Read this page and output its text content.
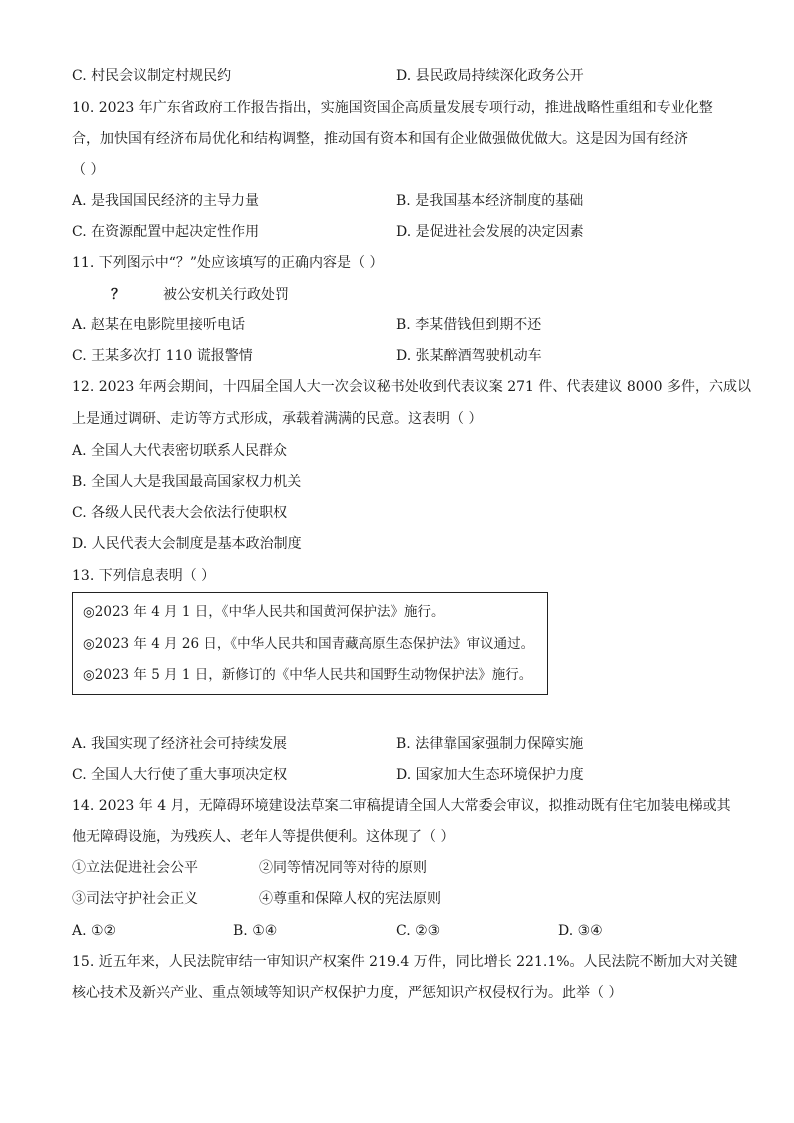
C. 村民会议制定村规民约	D. 县民政局持续深化政务公开
10. 2023 年广东省政府工作报告指出，实施国资国企高质量发展专项行动，推进战略性重组和专业化整
合，加快国有经济布局优化和结构调整，推动国有资本和国有企业做强做优做大。这是因为国有经济
（ ）
A. 是我国国民经济的主导力量	B. 是我国基本经济制度的基础
C. 在资源配置中起决定性作用	D. 是促进社会发展的决定因素
11. 下列图示中“？”处应该填写的正确内容是（ ）
？	被公安机关行政处罚
A. 赵某在电影院里接听电话	B. 李某借钱但到期不还
C. 王某多次打 110 谎报警情	D. 张某醉酒驾驶机动车
12. 2023 年两会期间，十四届全国人大一次会议秘书处收到代表议案 271 件、代表建议 8000 多件，六成以
上是通过调研、走访等方式形成，承载着满满的民意。这表明（ ）
A. 全国人大代表密切联系人民群众
B. 全国人大是我国最高国家权力机关
C. 各级人民代表大会依法行使职权
D. 人民代表大会制度是基本政治制度
13. 下列信息表明（ ）
◎2023 年 4 月 1 日，《中华人民共和国黄河保护法》施行。
◎2023 年 4 月 26 日，《中华人民共和国青藏高原生态保护法》审议通过。
◎2023 年 5 月 1 日，新修订的《中华人民共和国野生动物保护法》施行。
A. 我国实现了经济社会可持续发展	B. 法律靠国家强制力保障实施
C. 全国人大行使了重大事项决定权	D. 国家加大生态环境保护力度
14. 2023 年 4 月，无障碍环境建设法草案二审稿提请全国人大常委会审议，拟推动既有住宅加装电梯或其
他无障碍设施，为残疾人、老年人等提供便利。这体现了（ ）
①立法促进社会公平	②同等情况同等对待的原则
③司法守护社会正义	④尊重和保障人权的宪法原则
A. ①②	B. ①④	C. ②③	D. ③④
15. 近五年来，人民法院审结一审知识产权案件 219.4 万件，同比增长 221.1%。人民法院不断加大对关键
核心技术及新兴产业、重点领域等知识产权保护力度，严惩知识产权侵权行为。此举（ ）
